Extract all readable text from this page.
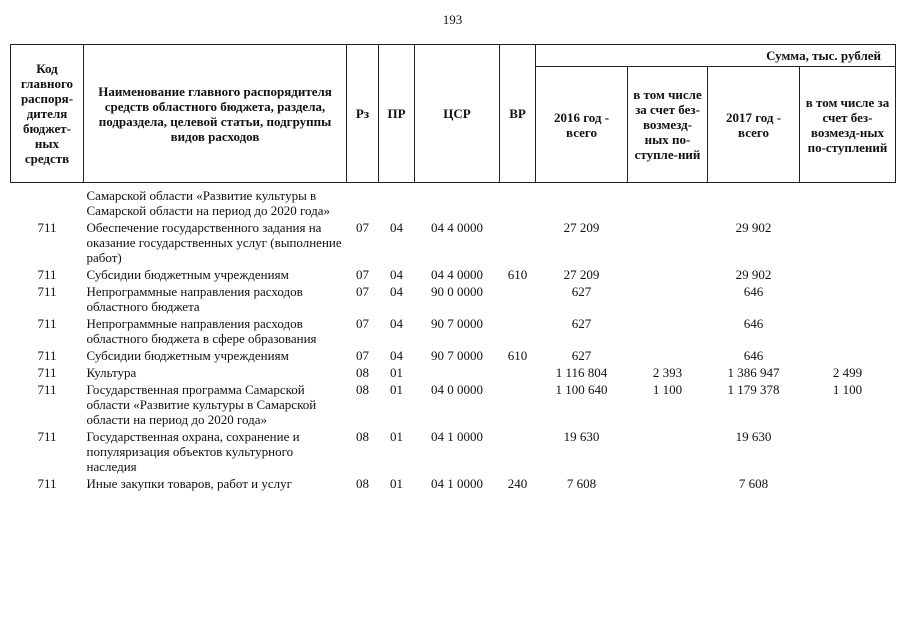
193
Код главного распоря-дителя бюджет-ных средств	Наименование главного распорядителя средств областного бюджета, раздела, подраздела, целевой статьи, подгруппы видов расходов	Рз	ПР	ЦСР	ВР	Сумма, тыс. рублей			
						2016 год - всего	в том числе за счет без-возмезд-ных по-ступле-ний	2017 год - всего	в том числе за счет без-возмезд-ных по-ступлений
	Самарской области «Развитие культуры в Самарской области на период до 2020 года»								
711	Обеспечение государственного задания на оказание государственных услуг (выполнение работ)	07	04	04 4 0000		27 209		29 902	
711	Субсидии бюджетным учреждениям	07	04	04 4 0000	610	27 209		29 902	
711	Непрограммные направления расходов областного бюджета	07	04	90 0 0000		627		646	
711	Непрограммные направления расходов областного бюджета в сфере образования	07	04	90 7 0000		627		646	
711	Субсидии бюджетным учреждениям	07	04	90 7 0000	610	627		646	
711	Культура	08	01			1 116 804	2 393	1 386 947	2 499
711	Государственная программа Самарской области «Развитие культуры в Самарской области на период до 2020 года»	08	01	04 0 0000		1 100 640	1 100	1 179 378	1 100
711	Государственная охрана, сохранение и популяризация объектов культурного наследия	08	01	04 1 0000		19 630		19 630	
711	Иные закупки товаров, работ и услуг	08	01	04 1 0000	240	7 608		7 608	
